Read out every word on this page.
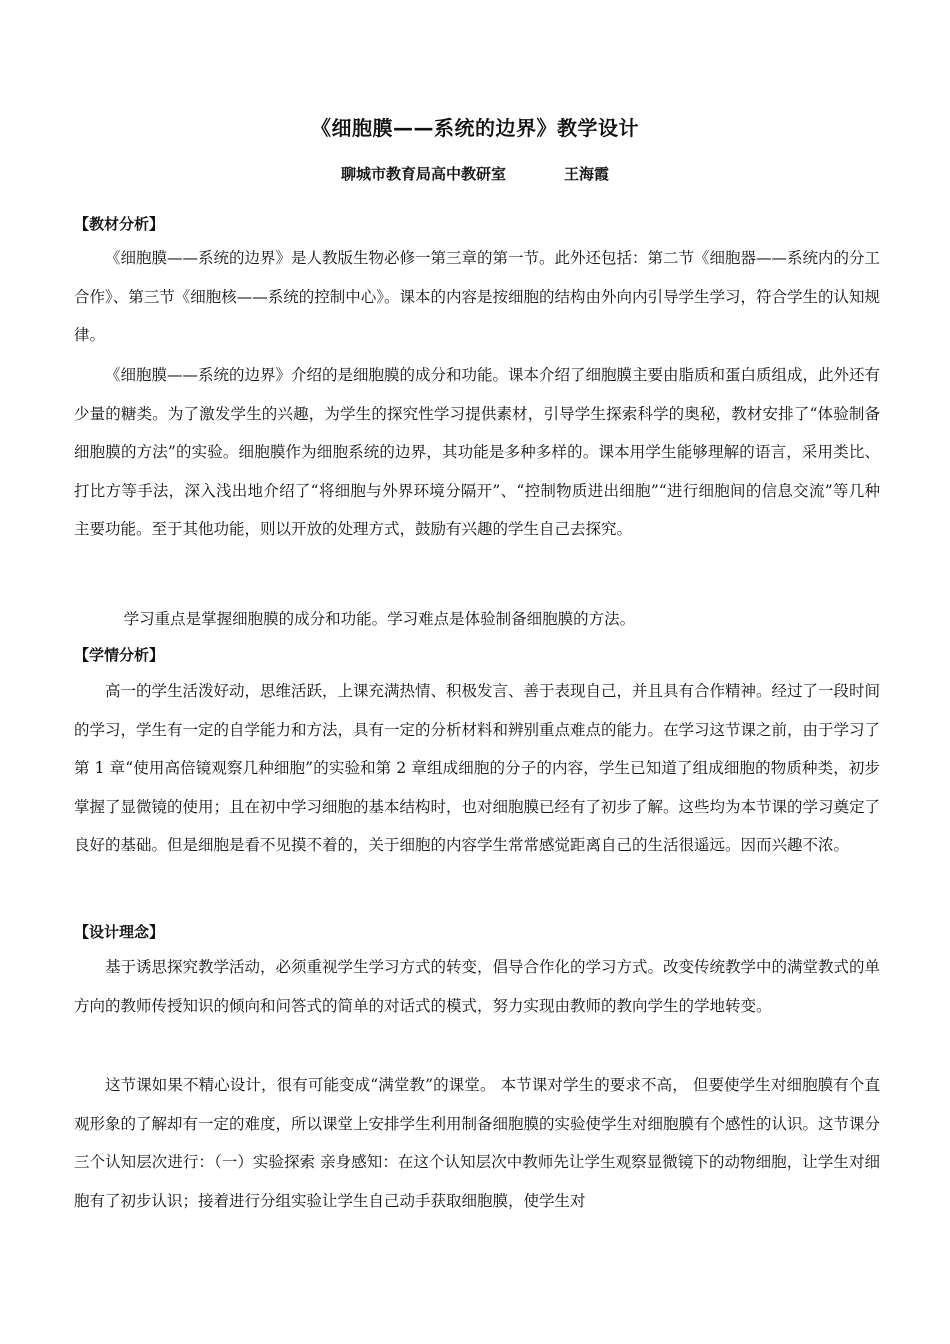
《细胞膜——系统的边界》教学设计
聊城市教育局高中教研室	王海霞
【教材分析】
《细胞膜——系统的边界》是人教版生物必修一第三章的第一节。此外还包括：第二节《细胞器——系统内的分工合作》、第三节《细胞核——系统的控制中心》。课本的内容是按细胞的结构由外向内引导学生学习，符合学生的认知规律。
《细胞膜——系统的边界》介绍的是细胞膜的成分和功能。课本介绍了细胞膜主要由脂质和蛋白质组成，此外还有少量的糖类。为了激发学生的兴趣，为学生的探究性学习提供素材，引导学生探索科学的奥秘，教材安排了“体验制备细胞膜的方法”的实验。细胞膜作为细胞系统的边界，其功能是多种多样的。课本用学生能够理解的语言，采用类比、打比方等手法，深入浅出地介绍了“将细胞与外界环境分隔开”、“控制物质进出细胞”“进行细胞间的信息交流”等几种主要功能。至于其他功能，则以开放的处理方式，鼓励有兴趣的学生自己去探究。
学习重点是掌握细胞膜的成分和功能。学习难点是体验制备细胞膜的方法。
【学情分析】
高一的学生活泼好动，思维活跃，上课充满热情、积极发言、善于表现自己，并且具有合作精神。经过了一段时间的学习，学生有一定的自学能力和方法，具有一定的分析材料和辨别重点难点的能力。在学习这节课之前，由于学习了第 1 章“使用高倍镜观察几种细胞”的实验和第 2 章组成细胞的分子的内容，学生已知道了组成细胞的物质种类，初步掌握了显微镜的使用；且在初中学习细胞的基本结构时，也对细胞膜已经有了初步了解。这些均为本节课的学习奠定了良好的基础。但是细胞是看不见摸不着的，关于细胞的内容学生常常感觉距离自己的生活很遥远。因而兴趣不浓。
【设计理念】
基于诱思探究教学活动，必须重视学生学习方式的转变，倡导合作化的学习方式。改变传统教学中的满堂教式的单方向的教师传授知识的倾向和问答式的简单的对话式的模式，努力实现由教师的教向学生的学地转变。
这节课如果不精心设计，很有可能变成“满堂教”的课堂。 本节课对学生的要求不高， 但要使学生对细胞膜有个直观形象的了解却有一定的难度，所以课堂上安排学生利用制备细胞膜的实验使学生对细胞膜有个感性的认识。这节课分三个认知层次进行：（一）实验探索 亲身感知：在这个认知层次中教师先让学生观察显微镜下的动物细胞，让学生对细胞有了初步认识；接着进行分组实验让学生自己动手获取细胞膜，使学生对
